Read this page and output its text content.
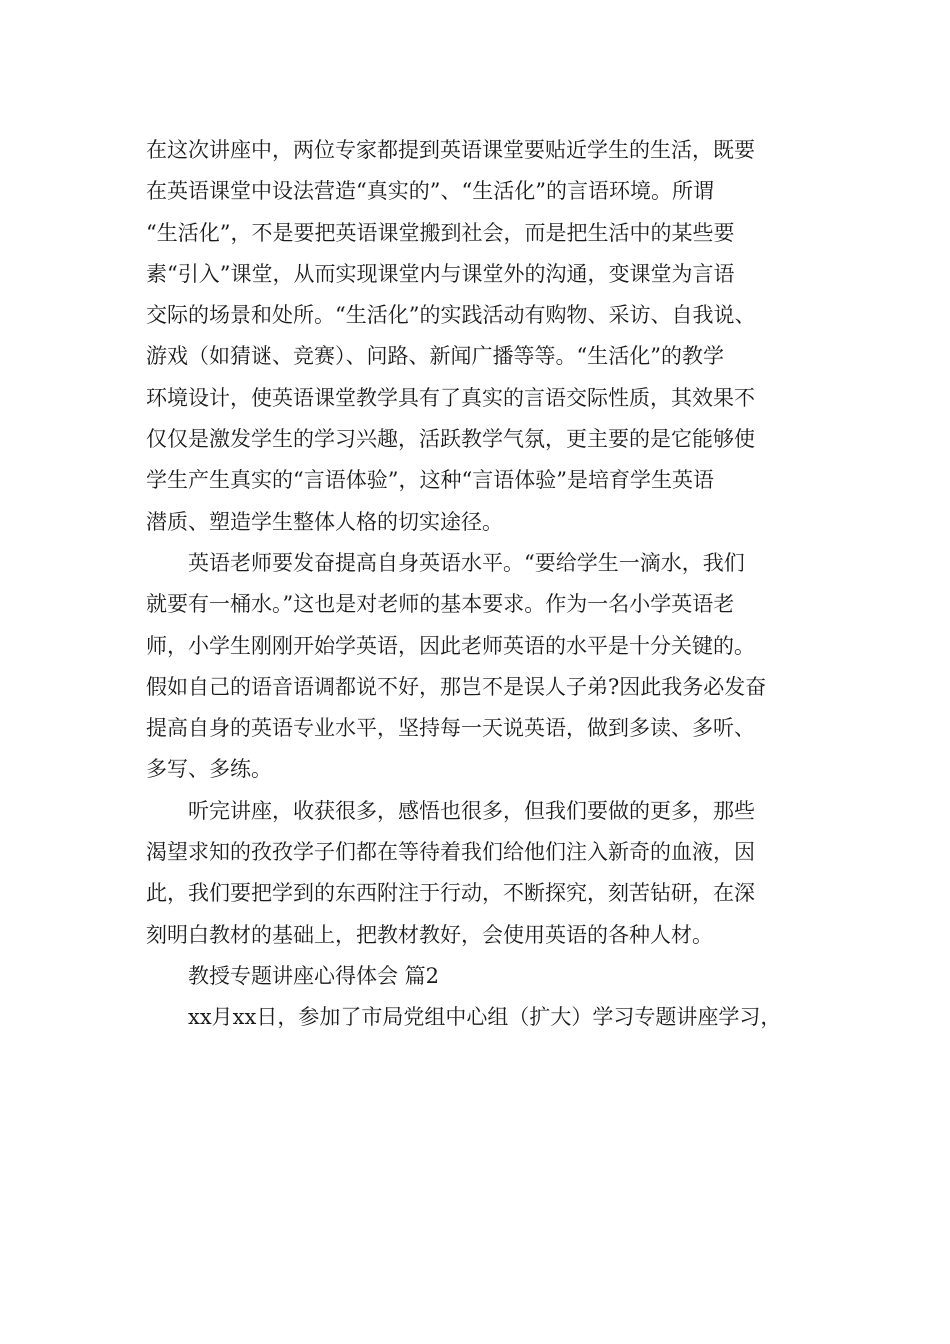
在这次讲座中，两位专家都提到英语课堂要贴近学生的生活，既要
在英语课堂中设法营造“真实的”、“生活化”的言语环境。所谓
“生活化”，不是要把英语课堂搬到社会，而是把生活中的某些要
素“引入”课堂，从而实现课堂内与课堂外的沟通，变课堂为言语
交际的场景和处所。“生活化”的实践活动有购物、采访、自我说、
游戏（如猜谜、竞赛）、问路、新闻广播等等。“生活化”的教学
环境设计，使英语课堂教学具有了真实的言语交际性质，其效果不
仅仅是激发学生的学习兴趣，活跃教学气氛，更主要的是它能够使
学生产生真实的“言语体验”，这种“言语体验”是培育学生英语
潜质、塑造学生整体人格的切实途径。
英语老师要发奋提高自身英语水平。“要给学生一滴水，我们
就要有一桶水。”这也是对老师的基本要求。作为一名小学英语老
师，小学生刚刚开始学英语，因此老师英语的水平是十分关键的。
假如自己的语音语调都说不好，那岂不是误人子弟?因此我务必发奋
提高自身的英语专业水平，坚持每一天说英语，做到多读、多听、
多写、多练。
听完讲座，收获很多，感悟也很多，但我们要做的更多，那些
渴望求知的孜孜学子们都在等待着我们给他们注入新奇的血液，因
此，我们要把学到的东西附注于行动，不断探究，刻苦钻研，在深
刻明白教材的基础上，把教材教好，会使用英语的各种人材。
教授专题讲座心得体会 篇2
xx月xx日，参加了市局党组中心组（扩大）学习专题讲座学习，
